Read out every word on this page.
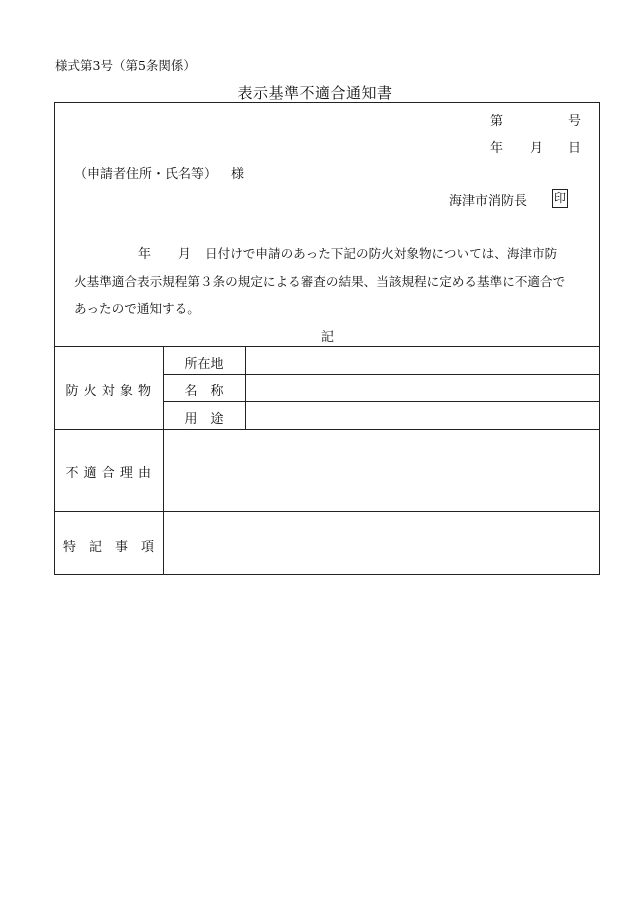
様式第3号（第5条関係）
表示基準不適合通知書
第	号
年 月 日
（申請者住所・氏名等） 様
海津市消防長 印
年 月 日付けで申請のあった下記の防火対象物については、海津市防
火基準適合表示規程第３条の規定による審査の結果、当該規程に定める基準に不適合で
あったので通知する。
記
防 火 対 象 物
所在地
名　称
用　途
不 適 合 理 由
特　記　事　項
